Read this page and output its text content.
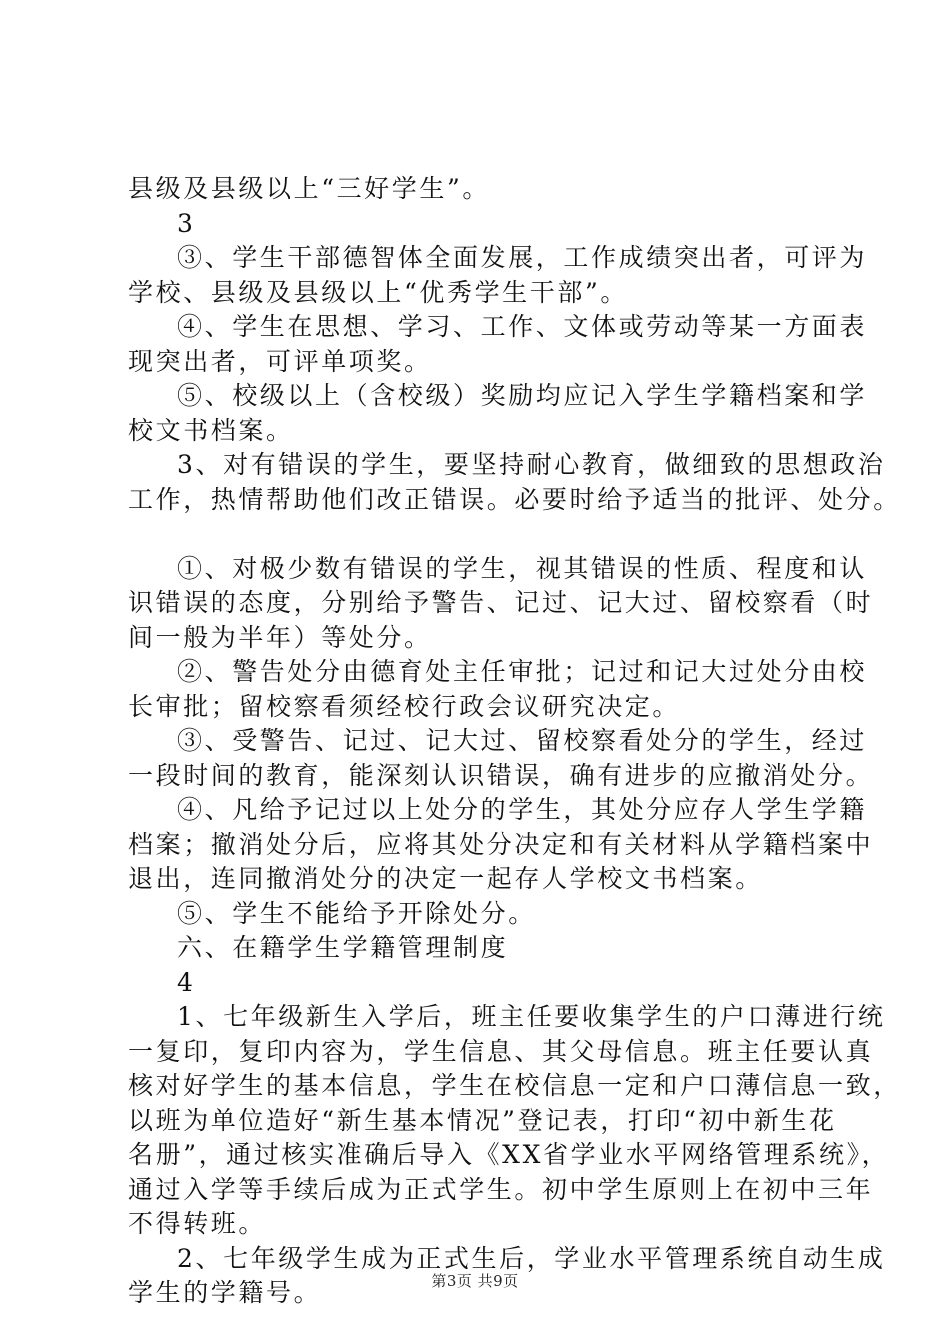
县级及县级以上“三好学生”。
3
③、学生干部德智体全面发展，工作成绩突出者，可评为
学校、县级及县级以上“优秀学生干部”。
④、学生在思想、学习、工作、文体或劳动等某一方面表
现突出者，可评单项奖。
⑤、校级以上（含校级）奖励均应记入学生学籍档案和学
校文书档案。
3、对有错误的学生，要坚持耐心教育，做细致的思想政治
工作，热情帮助他们改正错误。必要时给予适当的批评、处分。
①、对极少数有错误的学生，视其错误的性质、程度和认
识错误的态度，分别给予警告、记过、记大过、留校察看（时
间一般为半年）等处分。
②、警告处分由德育处主任审批；记过和记大过处分由校
长审批；留校察看须经校行政会议研究决定。
③、受警告、记过、记大过、留校察看处分的学生，经过
一段时间的教育，能深刻认识错误，确有进步的应撤消处分。
④、凡给予记过以上处分的学生，其处分应存人学生学籍
档案；撤消处分后，应将其处分决定和有关材料从学籍档案中
退出，连同撤消处分的决定一起存人学校文书档案。
⑤、学生不能给予开除处分。
六、在籍学生学籍管理制度
4
1、七年级新生入学后，班主任要收集学生的户口薄进行统
一复印，复印内容为，学生信息、其父母信息。班主任要认真
核对好学生的基本信息，学生在校信息一定和户口薄信息一致，
以班为单位造好“新生基本情况”登记表，打印“初中新生花
名册”，通过核实准确后导入《XX省学业水平网络管理系统》，
通过入学等手续后成为正式学生。初中学生原则上在初中三年
不得转班。
2、七年级学生成为正式生后，学业水平管理系统自动生成
学生的学籍号。	第3页 共9页
